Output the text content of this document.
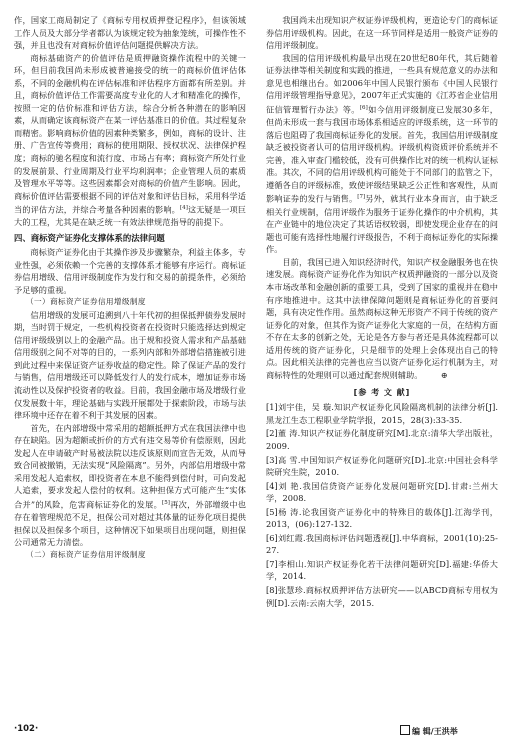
作，国家工商局制定了《商标专用权质押登记程序》，但该领域工作人员及大部分学者都认为该规定较为抽象笼统，可操作性不强，并且也没有对商标价值评估问题提供解决方法。

商标基础资产的价值评估是质押融资操作流程中的关键一环，但目前我国尚未形成被普遍接受的统一的商标价值评估体系，不同的金融机构在评估标准和评估程序方面都有所差别。并且，商标价值评估工作需要高度专业化的人才和精准化的操作，按照一定的估价标准和评估方法，综合分析各种潜在的影响因素，从而确定该商标资产在某一评估基准日的价值。其过程复杂而精密。影响商标价值的因素种类繁多，例如，商标的设计、注册、广告宣传等费用；商标的使用期限、授权状况、法律保护程度；商标的驰名程度和流行度、市场占有率；商标资产所处行业的发展前景、行业周期及行业平均利润率；企业管理人员的素质及管理水平等等。这些因素都会对商标的价值产生影响。因此，商标价值评估需要根据不同的评估对象和评估目标，采用科学适当的评估方法，并综合考量各种因素的影响。[4]这无疑是一项巨大的工程，尤其是在缺乏统一有效法律规范指导的前提下。

四、商标资产证券化支撑体系的法律问题

商标资产证券化由于其操作涉及步骤繁杂，利益主体多，专业性强，必须依赖一个完善的支撑体系才能够有序运行。商标证券信用增级、信用评级制度作为发行和交易的前提条件，必须给予足够的重视。

（一）商标资产证券信用增级制度

信用增级的发展可追溯到八十年代初的担保抵押债券发展时期，当时罚于规定，一些机构投资者在投资时只能选择达到规定信用评级级别以上的金融产品。出于规和投资人需求和产品基础信用级别之间不对等的目的，一系列内部和外部增信措施被引进到此过程中来保证资产证券收益的稳定性。除了保证产品的发行与销售，信用增级还可以降低发行人的发行成本，增加证券市场流动性以及保护投资者的收益。目前，我国金融市场及增级行业仅发展数十年，理论基础与实践开展都处于探索阶段，市场与法律环境中还存在着不利于其发展的因素。

首先，在内部增级中常采用的超额抵押方式在我国法律中也存在缺陷。因为超额或折价的方式有违交易等价有偿原则，因此发起人在申请破产时易被法院以违反该原则而宣告无效，从而导致合同被撤销，无法实现“风险隔离”。另外，内部信用增级中常采用发起人追索权，即投资者在本息不能得到偿付时，可向发起人追索，要求发起人偿付的权利。这种担保方式可能产生“实体合并”的风险，危害商标证券化的发展。[5]再次，外部增级中也存在着管理规范不足，担保公司对超过其体量的证券化项目提供担保以及担保多个项目，这种情况下如果项目出现问题，则担保公司通常无力清偿。

（二）商标资产证券信用评级制度

我国尚未出现知识产权证券评级机构，更造论专门的商标证券信用评级机构。因此，在这一环节同样是适用一般资产证券的信用评级制度。

我国的信用评级机构最早出现在20世纪80年代，其后随着证券法律等相关制度和实践的推进，一些具有规范意义的办法和意见也相继出台。如2006年中国人民银行颁布《中国人民银行信用评级管理指导意见》，2007年正式实施的《江苏省企业信用征信管理暂行办法》等。[6]如今信用评级制度已发展30多年，但尚未形成一套与我国市场体系相适应的评级系统，这一环节的落后也阻碍了我国商标证券化的发展。首先，我国信用评级制度缺乏被投资者认可的信用评级机构。评级机构资质评价系统并不完善，准入审查门槛较低，没有可供操作比对的统一机构认证标准。其次，不同的信用评级机构可能处于不同部门的监管之下，遵循各自的评级标准，致使评级结果缺乏公正性和客观性，从而影响证券的发行与销售。[7]另外，就其行业本身而言，由于缺乏相关行业规制，信用评级作为服务于证券化操作的中介机构，其在产业链中的地位决定了其话语权较弱，即使发现企业存在的问题也可能有选择性地履行评级报告，不利于商标证券化的实际操作。

目前，我国已进入知识经济时代，知识产权金融服务也在快速发展。商标资产证券化作为知识产权质押融资的一部分以及资本市场改革和金融创新的重要工具，受到了国家的重视并在稳中有序地推进中。这其中法律保障问题则是商标证券化的首要问题，具有决定性作用。虽然商标这种无形资产不同于传统的资产证券化的对象，但其作为资产证券化大家庭的一员，在结构方面不存在太多的创新之处，无论是各方参与者还是具体流程都可以适用传统的资产证券化，只是细节的处理上会体现出自己的特点。因此相关法律的完善也应当以资产证券化运行机制为主，对商标特性的处理则可以通过配套规则辅助。 ⊕

[参 考 文 献]

[1]刘宇佳，吴 璇.知识产权证券化风险隔离机制的法律分析[J].黑龙江生态工程职业学院学报，2015，28(3):33-35.

[2]董 涛.知识产权证券化制度研究[M].北京:清华大学出版社，2009.

[3]高 雪.中国知识产权证券化问题研究[D].北京:中国社会科学院研究生院，2010.

[4]刘 艳.我国信贷资产证券化发展问题研究[D].甘肃:兰州大学，2008.

[5]杨 涛.论我国资产证券化中的特殊目的载体[J].江海学刊，2013，(06):127-132.

[6]刘红霞.我国商标评估问题透视[J].中华商标，2001(10):25-27.

[7]李相山.知识产权证券化若干法律问题研究[D].福建:华侨大学，2014.

[8]张慧珍.商标权质押评估方法研究——以ABCD商标专用权为例[D].云南:云南大学，2015.

·102·	编 辑/王洪举
